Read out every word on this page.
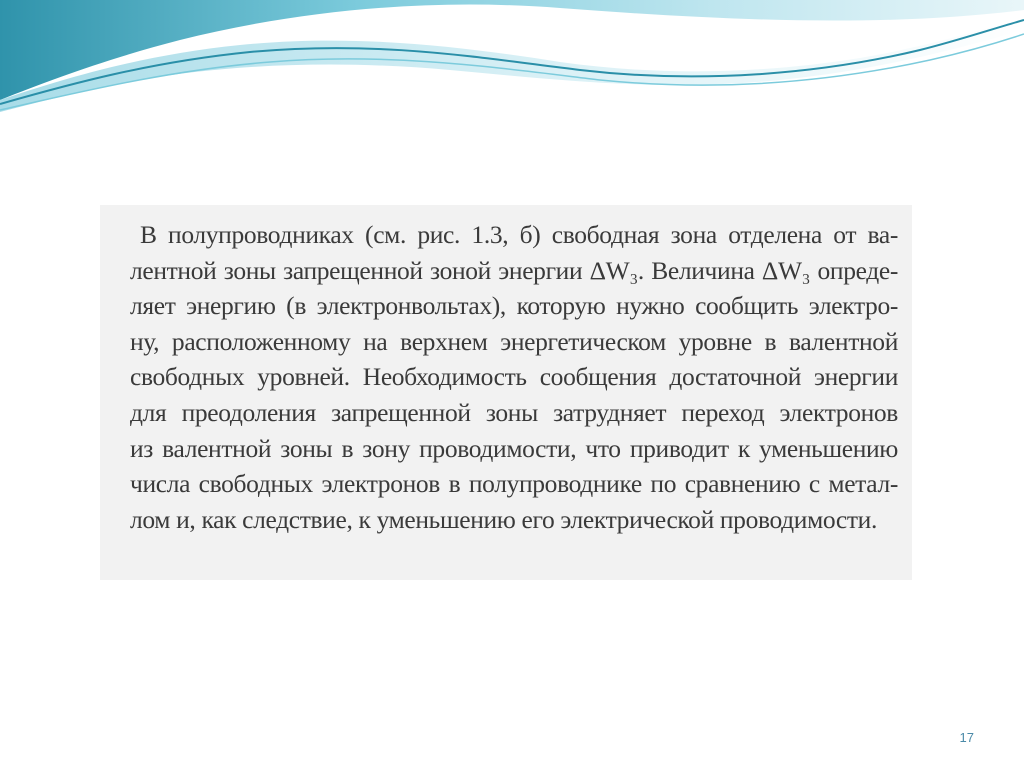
В полупроводниках (см. рис. 1.3, б) свободная зона отделена от ва-
лентной зоны запрещенной зоной энергии ΔW₃. Величина ΔW₃ опреде-
ляет энергию (в электронвольтах), которую нужно сообщить электро-
ну, расположенному на верхнем энергетическом уровне в валентной
свободных уровней. Необходимость сообщения достаточной энергии
для преодоления запрещенной зоны затрудняет переход электронов
из валентной зоны в зону проводимости, что приводит к уменьшению
числа свободных электронов в полупроводнике по сравнению с метал-
лом и, как следствие, к уменьшению его электрической проводимости.
17
